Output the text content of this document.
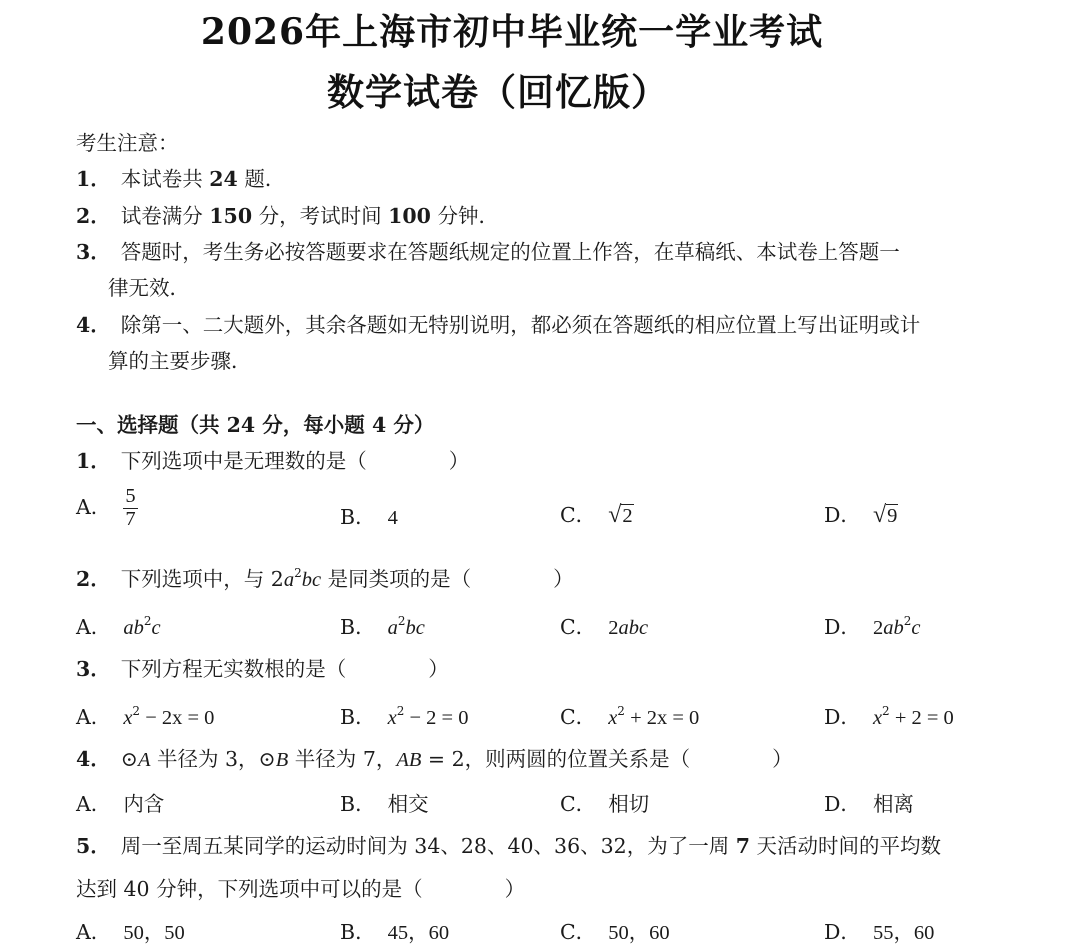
2026年上海市初中毕业统一学业考试
数学试卷（回忆版）
考生注意：
1． 本试卷共 24 题．
2． 试卷满分 150 分，考试时间 100 分钟．
3． 答题时，考生务必按答题要求在答题纸规定的位置上作答，在草稿纸、本试卷上答题一
律无效．
4． 除第一、二大题外，其余各题如无特别说明，都必须在答题纸的相应位置上写出证明或计
算的主要步骤．
一、选择题（共 24 分，每小题 4 分）
1． 下列选项中是无理数的是（　　　　）
A． $\frac{5}{7}$	B． 4	C． √2	D． √9
2． 下列选项中，与 $2a^2bc$ 是同类项的是（　　　　）
A． $ab^2c$	B． $a^2bc$	C． 2abc	D． $2ab^2c$
3． 下列方程无实数根的是（　　　　）
A． $x^2 - 2x = 0$	B． $x^2 - 2 = 0$	C． $x^2 + 2x = 0$	D． $x^2 + 2 = 0$
4． ⊙A 半径为 3，⊙B 半径为 7，AB = 2，则两圆的位置关系是（　　　　）
A． 内含	B． 相交	C． 相切	D． 相离
5． 周一至周五某同学的运动时间为 34、28、40、36、32，为了一周 7 天活动时间的平均数
达到 40 分钟，下列选项中可以的是（　　　　）
A． 50，50	B． 45，60	C． 50，60	D． 55，60
